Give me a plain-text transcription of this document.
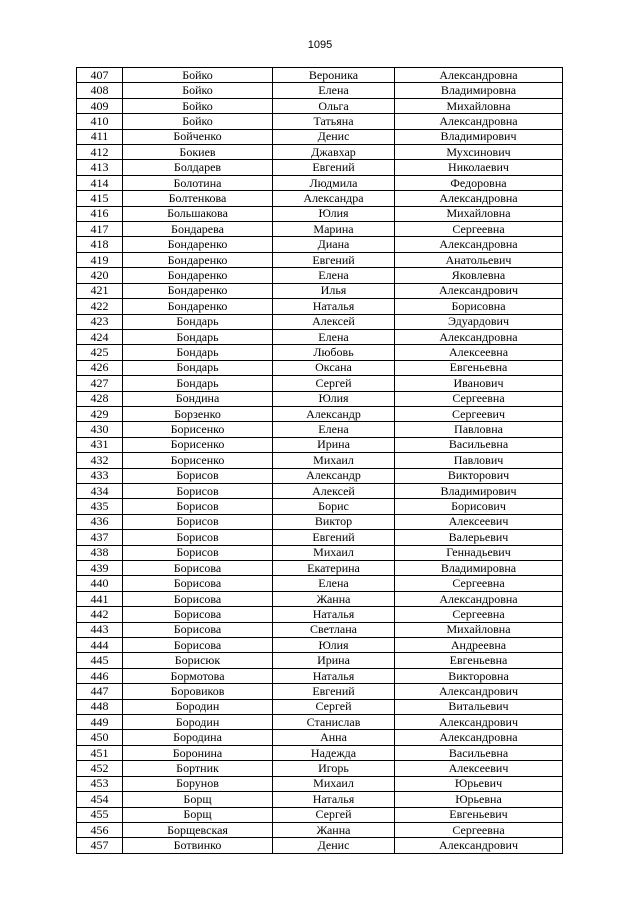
1095
407	Бойко	Вероника	Александровна
408	Бойко	Елена	Владимировна
409	Бойко	Ольга	Михайловна
410	Бойко	Татьяна	Александровна
411	Бойченко	Денис	Владимирович
412	Бокиев	Джавхар	Мухсинович
413	Болдарев	Евгений	Николаевич
414	Болотина	Людмила	Федоровна
415	Болтенкова	Александра	Александровна
416	Большакова	Юлия	Михайловна
417	Бондарева	Марина	Сергеевна
418	Бондаренко	Диана	Александровна
419	Бондаренко	Евгений	Анатольевич
420	Бондаренко	Елена	Яковлевна
421	Бондаренко	Илья	Александрович
422	Бондаренко	Наталья	Борисовна
423	Бондарь	Алексей	Эдуардович
424	Бондарь	Елена	Александровна
425	Бондарь	Любовь	Алексеевна
426	Бондарь	Оксана	Евгеньевна
427	Бондарь	Сергей	Иванович
428	Бондина	Юлия	Сергеевна
429	Борзенко	Александр	Сергеевич
430	Борисенко	Елена	Павловна
431	Борисенко	Ирина	Васильевна
432	Борисенко	Михаил	Павлович
433	Борисов	Александр	Викторович
434	Борисов	Алексей	Владимирович
435	Борисов	Борис	Борисович
436	Борисов	Виктор	Алексеевич
437	Борисов	Евгений	Валерьевич
438	Борисов	Михаил	Геннадьевич
439	Борисова	Екатерина	Владимировна
440	Борисова	Елена	Сергеевна
441	Борисова	Жанна	Александровна
442	Борисова	Наталья	Сергеевна
443	Борисова	Светлана	Михайловна
444	Борисова	Юлия	Андреевна
445	Борисюк	Ирина	Евгеньевна
446	Бормотова	Наталья	Викторовна
447	Боровиков	Евгений	Александрович
448	Бородин	Сергей	Витальевич
449	Бородин	Станислав	Александрович
450	Бородина	Анна	Александровна
451	Боронина	Надежда	Васильевна
452	Бортник	Игорь	Алексеевич
453	Борунов	Михаил	Юрьевич
454	Борщ	Наталья	Юрьевна
455	Борщ	Сергей	Евгеньевич
456	Борщевская	Жанна	Сергеевна
457	Ботвинко	Денис	Александрович
